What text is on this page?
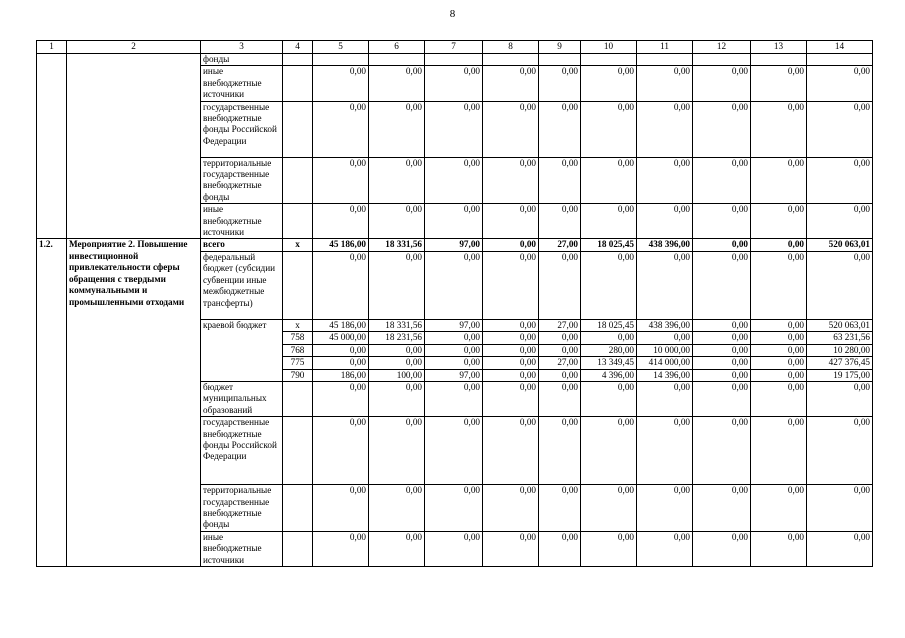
8
1	2	3	4	5	6	7	8	9	10	11	12	13	14
		фонды											
		иные внебюджетные источники		0,00	0,00	0,00	0,00	0,00	0,00	0,00	0,00	0,00	0,00
		государственные внебюджетные фонды Российской Федерации		0,00	0,00	0,00	0,00	0,00	0,00	0,00	0,00	0,00	0,00
		территориальные государственные внебюджетные фонды		0,00	0,00	0,00	0,00	0,00	0,00	0,00	0,00	0,00	0,00
		иные внебюджетные источники		0,00	0,00	0,00	0,00	0,00	0,00	0,00	0,00	0,00	0,00
1.2.	Мероприятие 2. Повышение инвестиционной привлекательности сферы обращения с твердыми коммунальными и промышленными отходами	всего	х	45 186,00	18 331,56	97,00	0,00	27,00	18 025,45	438 396,00	0,00	0,00	520 063,01
		федеральный бюджет (субсидии субвенции иные межбюджетные трансферты)		0,00	0,00	0,00	0,00	0,00	0,00	0,00	0,00	0,00	0,00
		краевой бюджет	х	45 186,00	18 331,56	97,00	0,00	27,00	18 025,45	438 396,00	0,00	0,00	520 063,01
			758	45 000,00	18 231,56	0,00	0,00	0,00	0,00	0,00	0,00	0,00	63 231,56
			768	0,00	0,00	0,00	0,00	0,00	280,00	10 000,00	0,00	0,00	10 280,00
			775	0,00	0,00	0,00	0,00	27,00	13 349,45	414 000,00	0,00	0,00	427 376,45
			790	186,00	100,00	97,00	0,00	0,00	4 396,00	14 396,00	0,00	0,00	19 175,00
		бюджет муниципальных образований		0,00	0,00	0,00	0,00	0,00	0,00	0,00	0,00	0,00	0,00
		государственные внебюджетные фонды Российской Федерации		0,00	0,00	0,00	0,00	0,00	0,00	0,00	0,00	0,00	0,00
		территориальные государственные внебюджетные фонды		0,00	0,00	0,00	0,00	0,00	0,00	0,00	0,00	0,00	0,00
		иные внебюджетные источники		0,00	0,00	0,00	0,00	0,00	0,00	0,00	0,00	0,00	0,00
